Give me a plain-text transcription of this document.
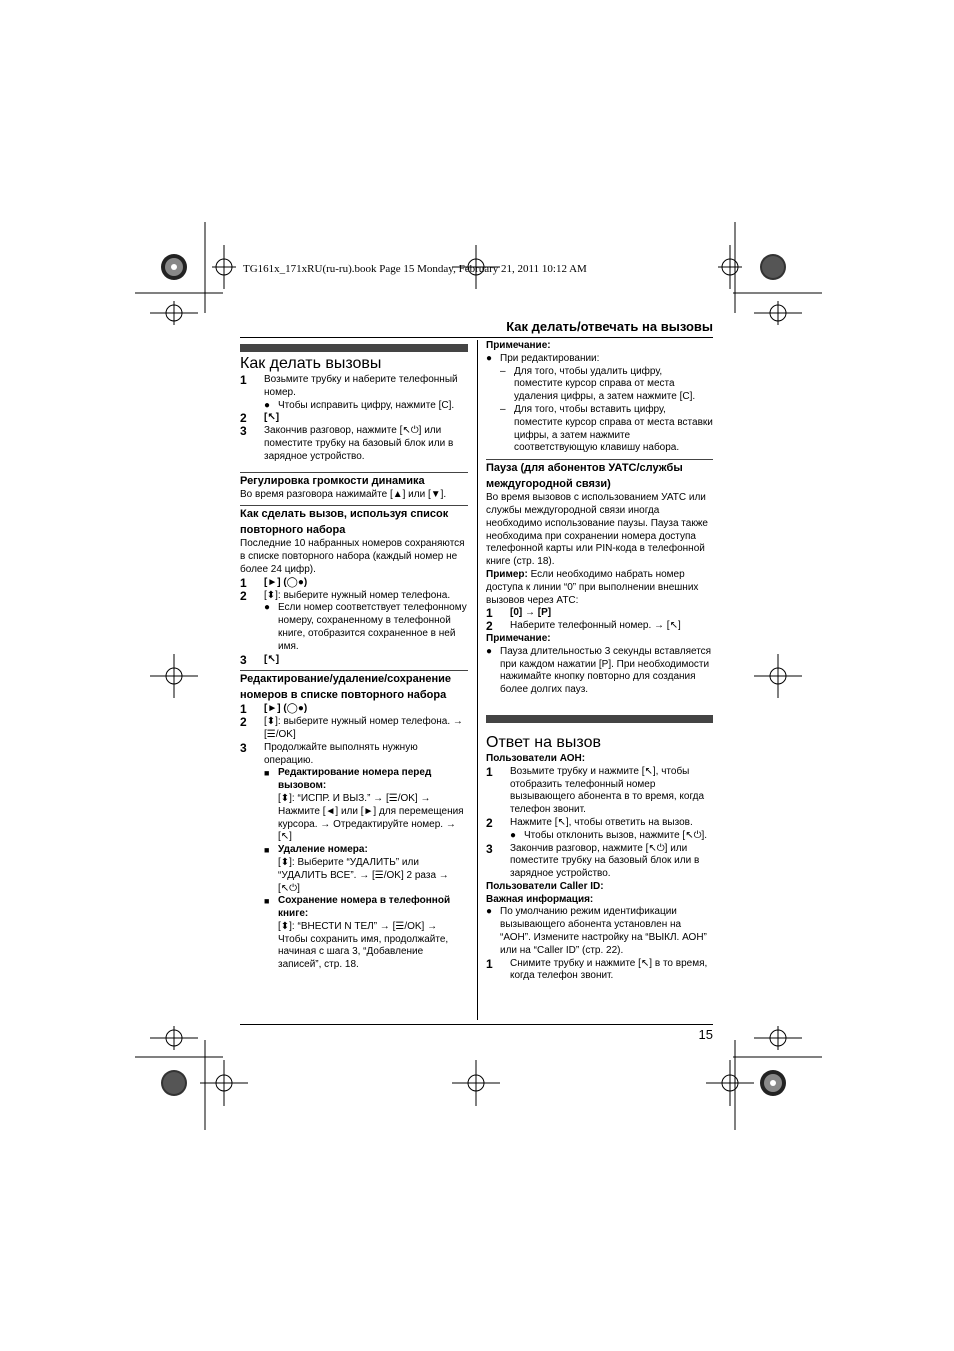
TG161x_171xRU(ru-ru).book Page 15 Monday, February 21, 2011 10:12 AM
Как делать/отвечать на вызовы
Как делать вызовы
1	Возьмите трубку и наберите телефонный номер.
● Чтобы исправить цифру, нажмите [C].
2	[↖]
3	Закончив разговор, нажмите [↖⏻] или поместите трубку на базовый блок или в зарядное устройство.
Регулировка громкости динамика
Во время разговора нажимайте [▲] или [▼].
Как сделать вызов, используя список повторного набора
Последние 10 набранных номеров сохраняются в списке повторного набора (каждый номер не более 24 цифр).
1	[►] (◯●)
2	[⬍]: выберите нужный номер телефона.
● Если номер соответствует телефонному номеру, сохраненному в телефонной книге, отобразится сохраненное в ней имя.
3	[↖]
Редактирование/удаление/сохранение номеров в списке повторного набора
1	[►] (◯●)
2	[⬍]: выберите нужный номер телефона. → [☰/OK]
3	Продолжайте выполнять нужную операцию.
■ Редактирование номера перед вызовом:
[⬍]: “ИСПР. И ВЫЗ.” → [☰/OK] → Нажмите [◄] или [►] для перемещения курсора. → Отредактируйте номер. → [↖]
■ Удаление номера:
[⬍]: Выберите “УДАЛИТЬ” или “УДАЛИТЬ ВСЕ”. → [☰/OK] 2 раза → [↖⏻]
■ Сохранение номера в телефонной книге:
[⬍]: “ВНЕСТИ N ТЕЛ” → [☰/OK] → Чтобы сохранить имя, продолжайте, начиная с шага 3, “Добавление записей”, стр. 18.
Примечание:
● При редактировании:
– Для того, чтобы удалить цифру, поместите курсор справа от места удаления цифры, а затем нажмите [C].
– Для того, чтобы вставить цифру, поместите курсор справа от места вставки цифры, а затем нажмите соответствующую клавишу набора.
Пауза (для абонентов УАТС/службы междугородной связи)
Во время вызовов с использованием УАТС или службы междугородной связи иногда необходимо использование паузы. Пауза также необходима при сохранении номера доступа телефонной карты или PIN-кода в телефонной книге (стр. 18).
Пример: Если необходимо набрать номер доступа к линии “0” при выполнении внешних вызовов через АТС:
1	[0] → [P]
2	Наберите телефонный номер. → [↖]
Примечание:
● Пауза длительностью 3 секунды вставляется при каждом нажатии [P]. При необходимости нажимайте кнопку повторно для создания более долгих пауз.
Ответ на вызов
Пользователи АОН:
1	Возьмите трубку и нажмите [↖], чтобы отобразить телефонный номер вызывающего абонента в то время, когда телефон звонит.
2	Нажмите [↖], чтобы ответить на вызов.
● Чтобы отклонить вызов, нажмите [↖⏻].
3	Закончив разговор, нажмите [↖⏻] или поместите трубку на базовый блок или в зарядное устройство.
Пользователи Caller ID:
Важная информация:
● По умолчанию режим идентификации вызывающего абонента установлен на “АОН”. Измените настройку на “ВЫКЛ. АОН” или на “Caller ID” (стр. 22).
1	Снимите трубку и нажмите [↖] в то время, когда телефон звонит.
15
